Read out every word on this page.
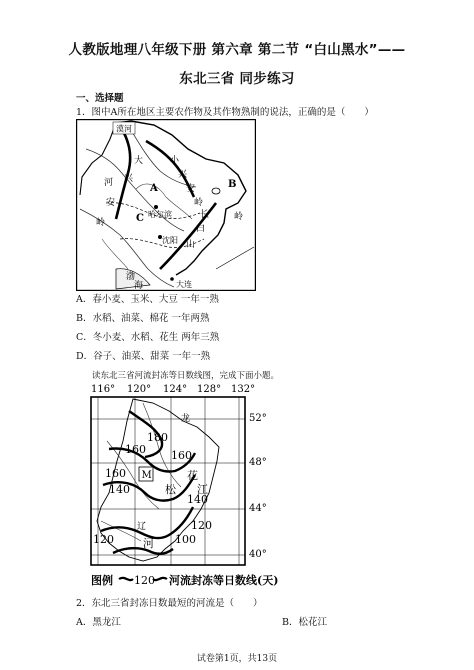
人教版地理八年级下册 第六章 第二节 “白山黑水”——
东北三省 同步练习
一、选择题
1．图中A所在地区主要农作物及其作物熟制的说法，正确的是（　　）
漠河
大
兴
安
岭
小
兴
安
岭
河	A	B
C 哈尔滨	长
白
山
沈阳
渤
海	大连
岭
A．春小麦、玉米、大豆 一年一熟
B．水稻、油菜、棉花 一年两熟
C．冬小麦、水稻、花生 两年三熟
D．谷子、油菜、甜菜 一年一熟
读东北三省河流封冻等日数线图，完成下面小题。
116° 120° 124° 128° 132°
52°
48°
44°
40°
180
160
160
140
140
120
100
120
160
松
花
江
河
M
龙
辽
图例 120 河流封冻等日数线(天)
2．东北三省封冻日数最短的河流是（　　）
A．黑龙江	B．松花江
试卷第1页，共13页
